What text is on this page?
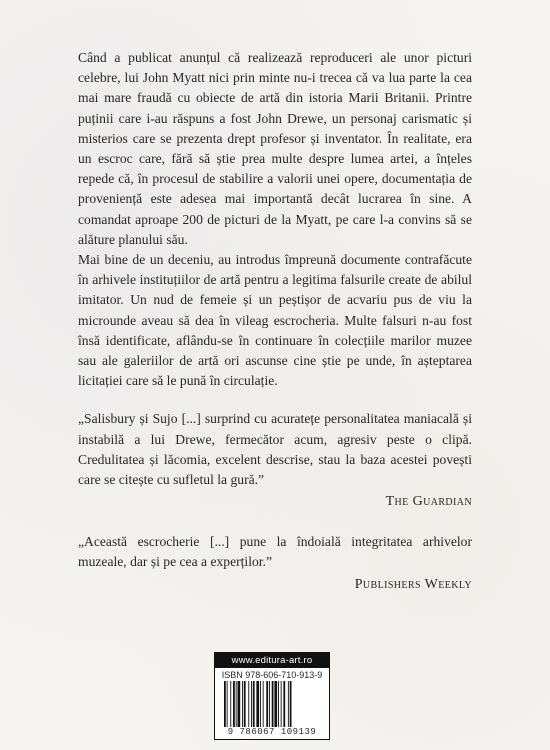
Când a publicat anunțul că realizează reproduceri ale unor picturi celebre, lui John Myatt nici prin minte nu-i trecea că va lua parte la cea mai mare fraudă cu obiecte de artă din istoria Marii Britanii. Printre puținii care i-au răspuns a fost John Drewe, un personaj carismatic și misterios care se prezenta drept profesor și inventator. În realitate, era un escroc care, fără să știe prea multe despre lumea artei, a înțeles repede că, în procesul de stabilire a valorii unei opere, documentația de proveniență este adesea mai importantă decât lucrarea în sine. A comandat aproape 200 de picturi de la Myatt, pe care l-a convins să se alăture planului său.

Mai bine de un deceniu, au introdus împreună documente contrafăcute în arhivele instituțiilor de artă pentru a legitima falsurile create de abilul imitator. Un nud de femeie și un peștișor de acvariu pus de viu la microunde aveau să dea în vileag escrocheria. Multe falsuri n-au fost însă identificate, aflându-se în continuare în colecțiile marilor muzee sau ale galeriilor de artă ori ascunse cine știe pe unde, în așteptarea licitației care să le pună în circulație.

„Salisbury și Sujo [...] surprind cu acuratețe personalitatea maniacală și instabilă a lui Drewe, fermecător acum, agresiv peste o clipă. Credulitatea și lăcomia, excelent descrise, stau la baza acestei povești care se citește cu sufletul la gură.”

The Guardian

„Această escrocherie [...] pune la îndoială integritatea arhivelor muzeale, dar și pe cea a experților.”

Publishers Weekly
www.editura-art.ro
ISBN 978-606-710-913-9
9 786067 109139
